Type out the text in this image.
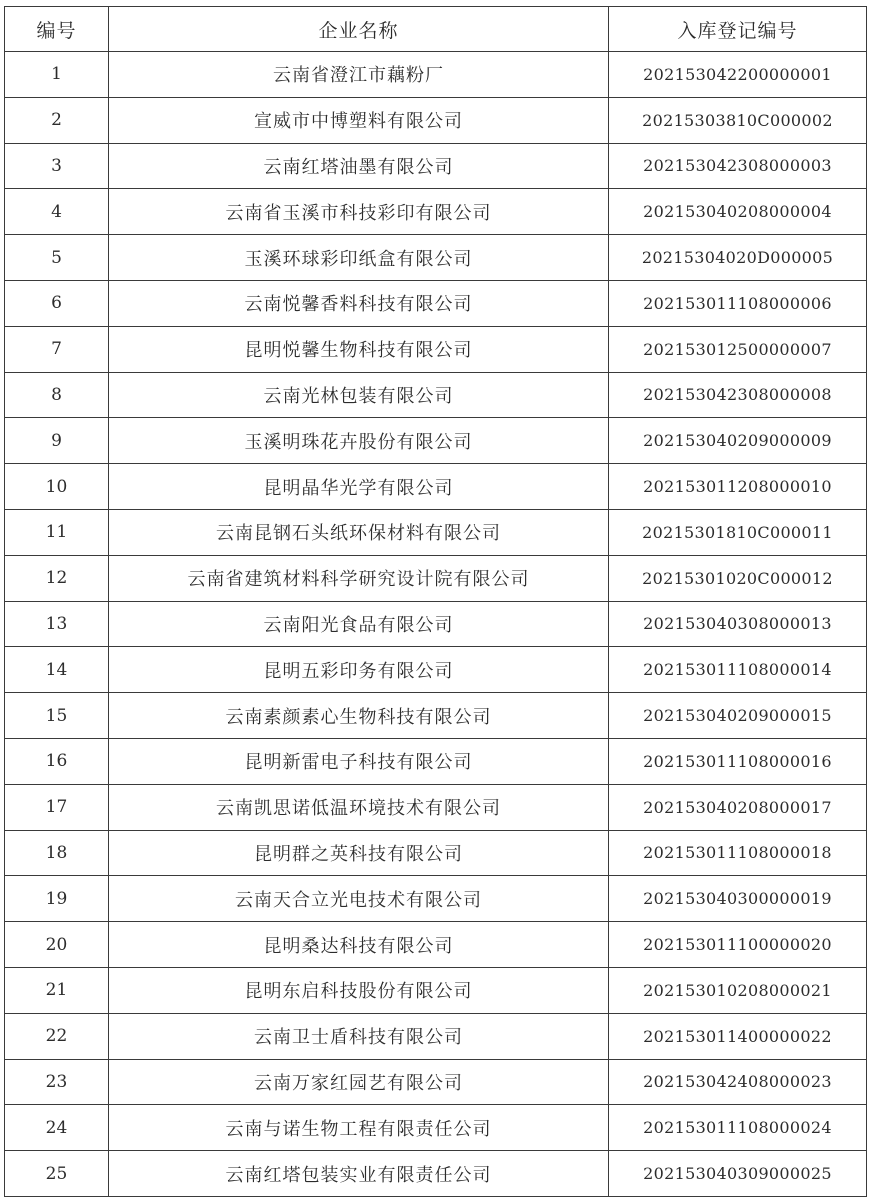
编号	企业名称	入库登记编号
1	云南省澄江市藕粉厂	202153042200000001
2	宣威市中博塑料有限公司	20215303810C000002
3	云南红塔油墨有限公司	202153042308000003
4	云南省玉溪市科技彩印有限公司	202153040208000004
5	玉溪环球彩印纸盒有限公司	20215304020D000005
6	云南悦馨香料科技有限公司	202153011108000006
7	昆明悦馨生物科技有限公司	202153012500000007
8	云南光林包装有限公司	202153042308000008
9	玉溪明珠花卉股份有限公司	202153040209000009
10	昆明晶华光学有限公司	202153011208000010
11	云南昆钢石头纸环保材料有限公司	20215301810C000011
12	云南省建筑材料科学研究设计院有限公司	20215301020C000012
13	云南阳光食品有限公司	202153040308000013
14	昆明五彩印务有限公司	202153011108000014
15	云南素颜素心生物科技有限公司	202153040209000015
16	昆明新雷电子科技有限公司	202153011108000016
17	云南凯思诺低温环境技术有限公司	202153040208000017
18	昆明群之英科技有限公司	202153011108000018
19	云南天合立光电技术有限公司	202153040300000019
20	昆明桑达科技有限公司	202153011100000020
21	昆明东启科技股份有限公司	202153010208000021
22	云南卫士盾科技有限公司	202153011400000022
23	云南万家红园艺有限公司	202153042408000023
24	云南与诺生物工程有限责任公司	202153011108000024
25	云南红塔包装实业有限责任公司	202153040309000025
